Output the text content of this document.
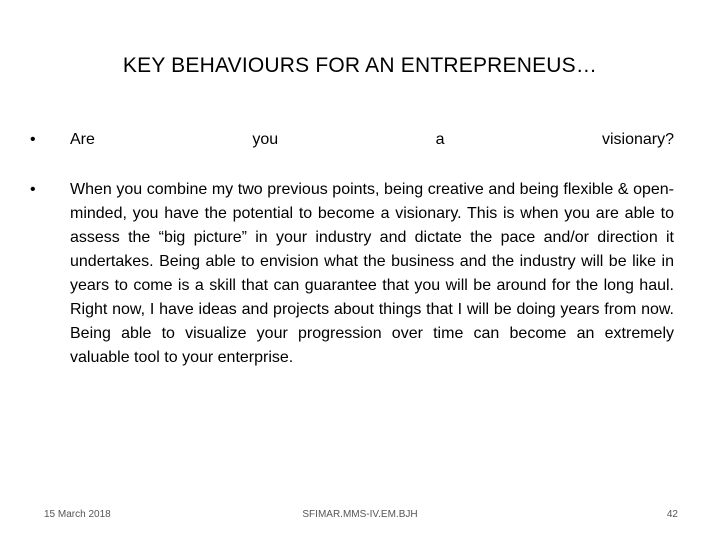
KEY BEHAVIOURS FOR AN ENTREPRENEUS…
•	Are	you	a	visionary?
•	When you combine my two previous points, being creative and being flexible & open-minded, you have the potential to become a visionary. This is when you are able to assess the “big picture” in your industry and dictate the pace and/or direction it undertakes. Being able to envision what the business and the industry will be like in years to come is a skill that can guarantee that you will be around for the long haul. Right now, I have ideas and projects about things that I will be doing years from now. Being able to visualize your progression over time can become an extremely valuable tool to your enterprise.
15 March 2018	SFIMAR.MMS-IV.EM.BJH	42
